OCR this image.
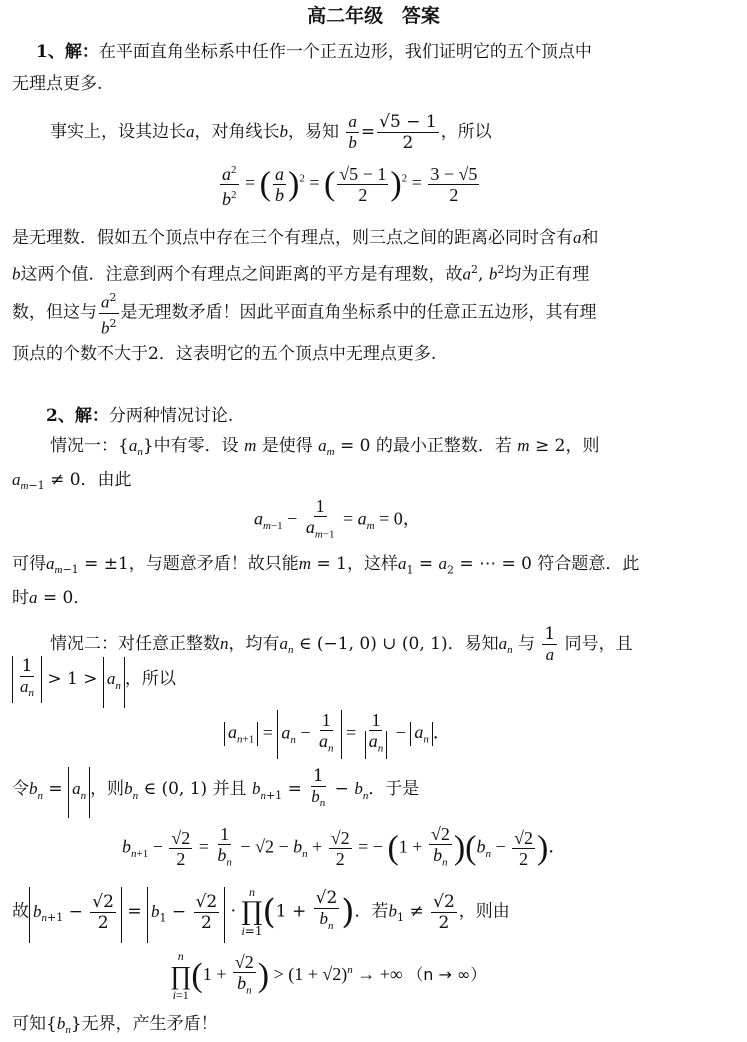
高二年级 答案
1、解：在平面直角坐标系中任作一个正五边形，我们证明它的五个顶点中
无理点更多.
事实上，设其边长a，对角线长b，易知 $\frac{a}{b} = \frac{√5 - 1}{2}$ ，所以
$\frac{a^2}{b^2}$ = ( $\frac{a}{b} )^2$ = ( $\frac{√5 - 1}{2} )^2 = \frac{3 - √5}{2}$
是无理数．假如五个顶点中存在三个有理点，则三点之间的距离必同时含有a和
b这两个值．注意到两个有理点之间距离的平方是有理数，故$a^2$, $b^2$均为正有理
数，但这与 $\frac{a^2}{b^2}$ 是无理数矛盾！因此平面直角坐标系中的任意正五边形，其有理
顶点的个数不大于2．这表明它的五个顶点中无理点更多.
2、解：分两种情况讨论.
情况一：$\{a_n\}$中有零．设 m 是使得 $a_m = 0$ 的最小正整数．若 m ≥ 2，则
$a_{m-1} \ne 0$．由此
$a_{m-1} - \frac{1}{a_{m-1}} = a_m = 0$，
可得$a_{m-1} = \pm 1$，与题意矛盾！故只能m = 1，这样$a_1 = a_2$ = ⋯ = 0 符合题意．此
时a = 0．
情况二：对任意正整数n，均有$a_n$ ∈ (−1, 0) ∪ (0, 1)．易知$a_n$ 与 $\frac{1}{a}$ 同号，且
$\frac{1}{a_n} > 1 > a_n$ ，所以
$a_{n+1} = a_n - \frac{1}{a_n} = \frac{1}{a_n} - a_n$ ．
令$b_n = a_n$ ，则$b_n$ ∈ (0, 1) 并且 $b_{n+1} = \frac{1}{b_n} - b_n$．于是
$b_{n+1} - \frac{√2}{2} = \frac{1}{b_n} - √2 - b_n + \frac{√2}{2}$ = − $(1 + \frac{√2}{b_n} )(b_n - \frac{√2}{2}$ )．
故 $b_{n+1} - \frac{√2}{2} = b_1 - \frac{√2}{2}$ ·
n
∏
i=1 ($1 + \frac{√2}{b_n}$ )．若$b_1 \ne \frac{√2}{2}$ ，则由
n
∏
i=1
($1 + \frac{√2}{b_n}$ ) > $(1 + √2)^n$ → +∞ （n → ∞）
可知$\{b_n\}$无界，产生矛盾！
